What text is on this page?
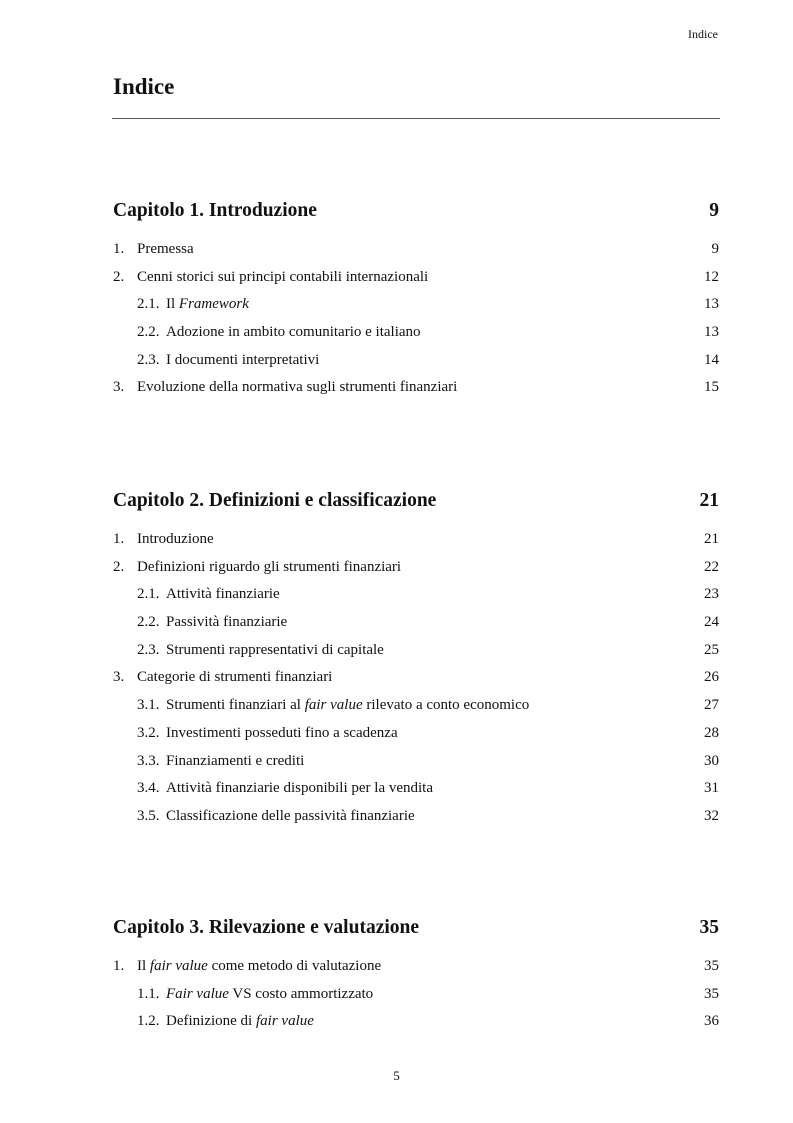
Indice
Indice
Capitolo 1. Introduzione	9
1. Premessa	9
2. Cenni storici sui principi contabili internazionali	12
2.1. Il Framework	13
2.2. Adozione in ambito comunitario e italiano	13
2.3. I documenti interpretativi	14
3. Evoluzione della normativa sugli strumenti finanziari	15
Capitolo 2. Definizioni e classificazione	21
1. Introduzione	21
2. Definizioni riguardo gli strumenti finanziari	22
2.1. Attività finanziarie	23
2.2. Passività finanziarie	24
2.3. Strumenti rappresentativi di capitale	25
3. Categorie di strumenti finanziari	26
3.1. Strumenti finanziari al fair value rilevato a conto economico	27
3.2. Investimenti posseduti fino a scadenza	28
3.3. Finanziamenti e crediti	30
3.4. Attività finanziarie disponibili per la vendita	31
3.5. Classificazione delle passività finanziarie	32
Capitolo 3. Rilevazione e valutazione	35
1. Il fair value come metodo di valutazione	35
1.1. Fair value VS costo ammortizzato	35
1.2. Definizione di fair value	36
5
